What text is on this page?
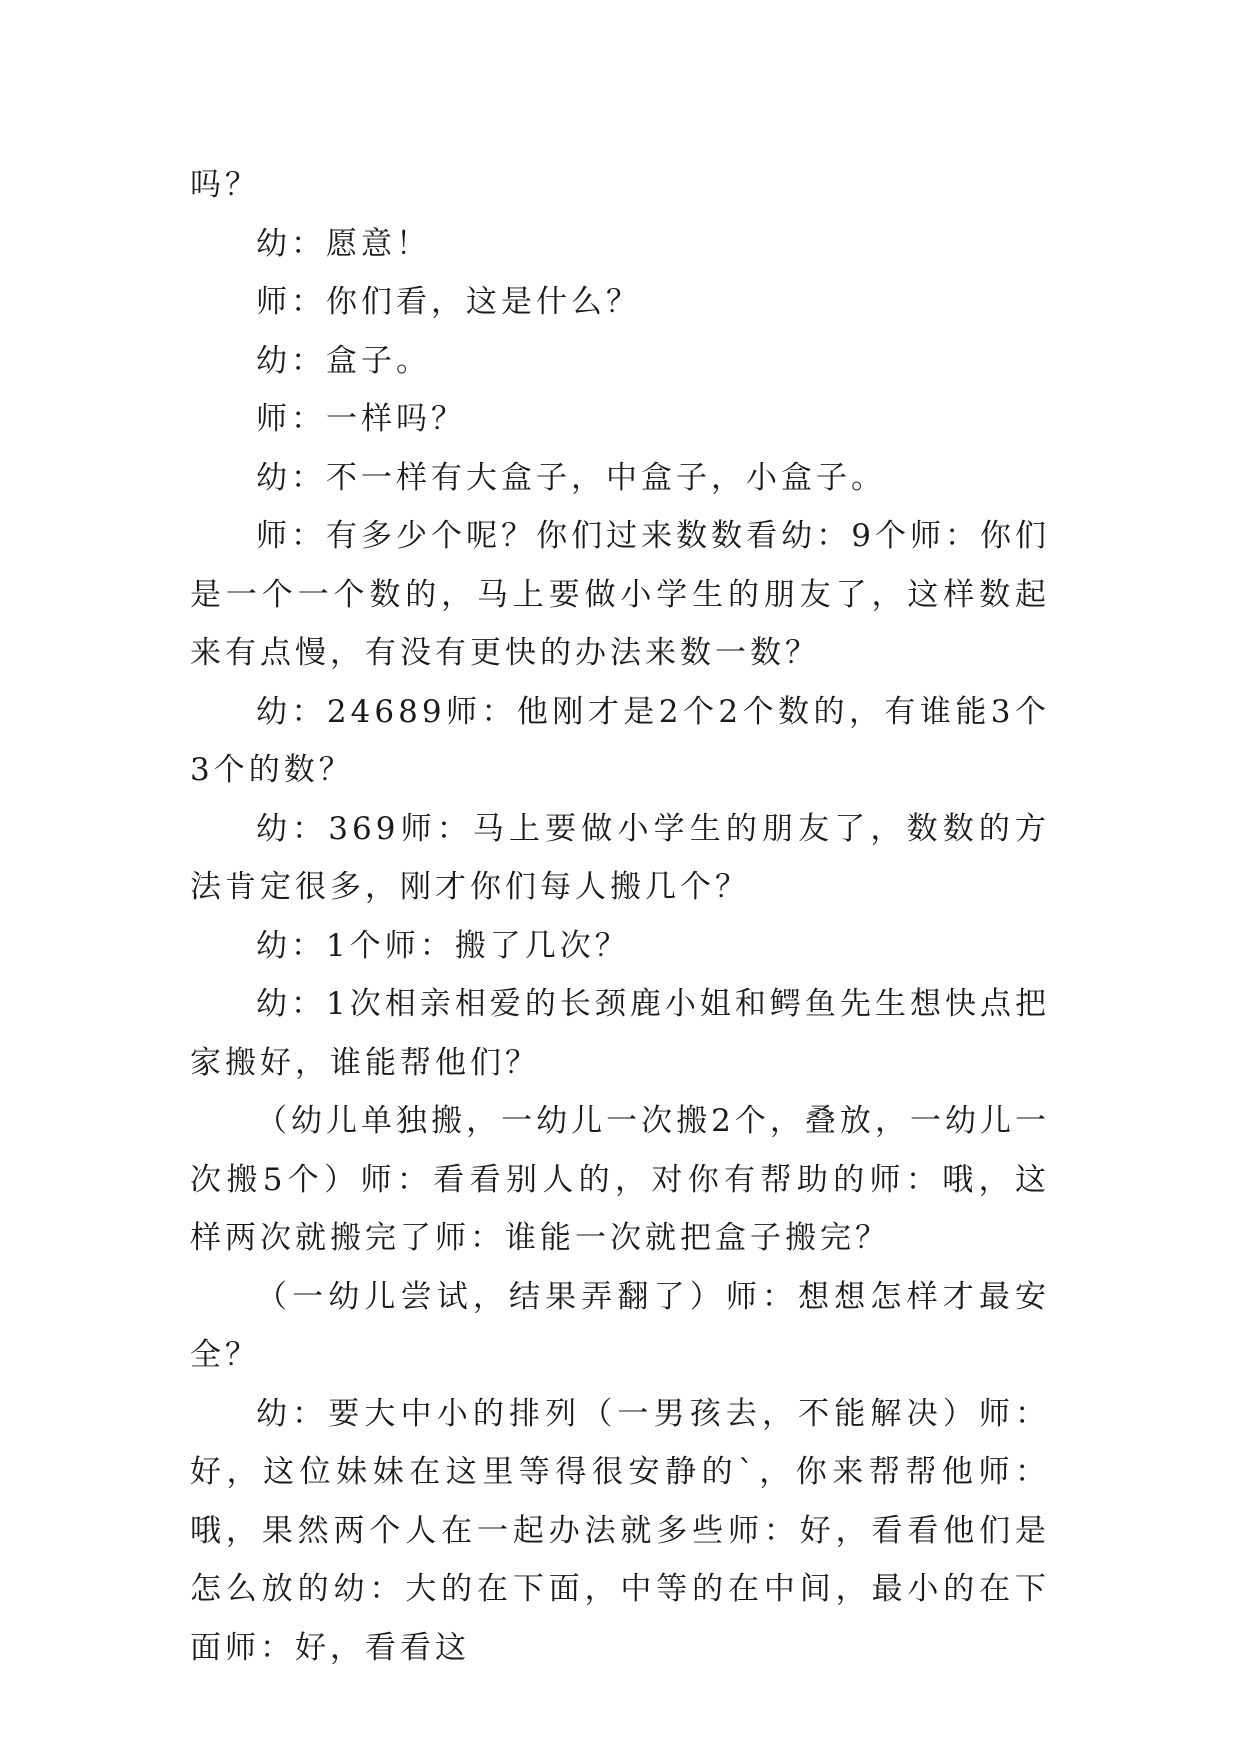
吗？

幼：愿意！

师：你们看，这是什么？

幼：盒子。

师：一样吗？

幼：不一样有大盒子，中盒子，小盒子。

师：有多少个呢？你们过来数数看幼：9个师：你们是一个一个数的，马上要做小学生的朋友了，这样数起来有点慢，有没有更快的办法来数一数？

幼：24689师：他刚才是2个2个数的，有谁能3个3个的数？

幼：369师：马上要做小学生的朋友了，数数的方法肯定很多，刚才你们每人搬几个？

幼：1个师：搬了几次？

幼：1次相亲相爱的长颈鹿小姐和鳄鱼先生想快点把家搬好，谁能帮他们？

（幼儿单独搬，一幼儿一次搬2个，叠放，一幼儿一次搬5个）师：看看别人的，对你有帮助的师：哦，这样两次就搬完了师：谁能一次就把盒子搬完？

（一幼儿尝试，结果弄翻了）师：想想怎样才最安全？

幼：要大中小的排列（一男孩去，不能解决）师：好，这位妹妹在这里等得很安静的`，你来帮帮他师：哦，果然两个人在一起办法就多些师：好，看看他们是怎么放的幼：大的在下面，中等的在中间，最小的在下面师：好，看看这
